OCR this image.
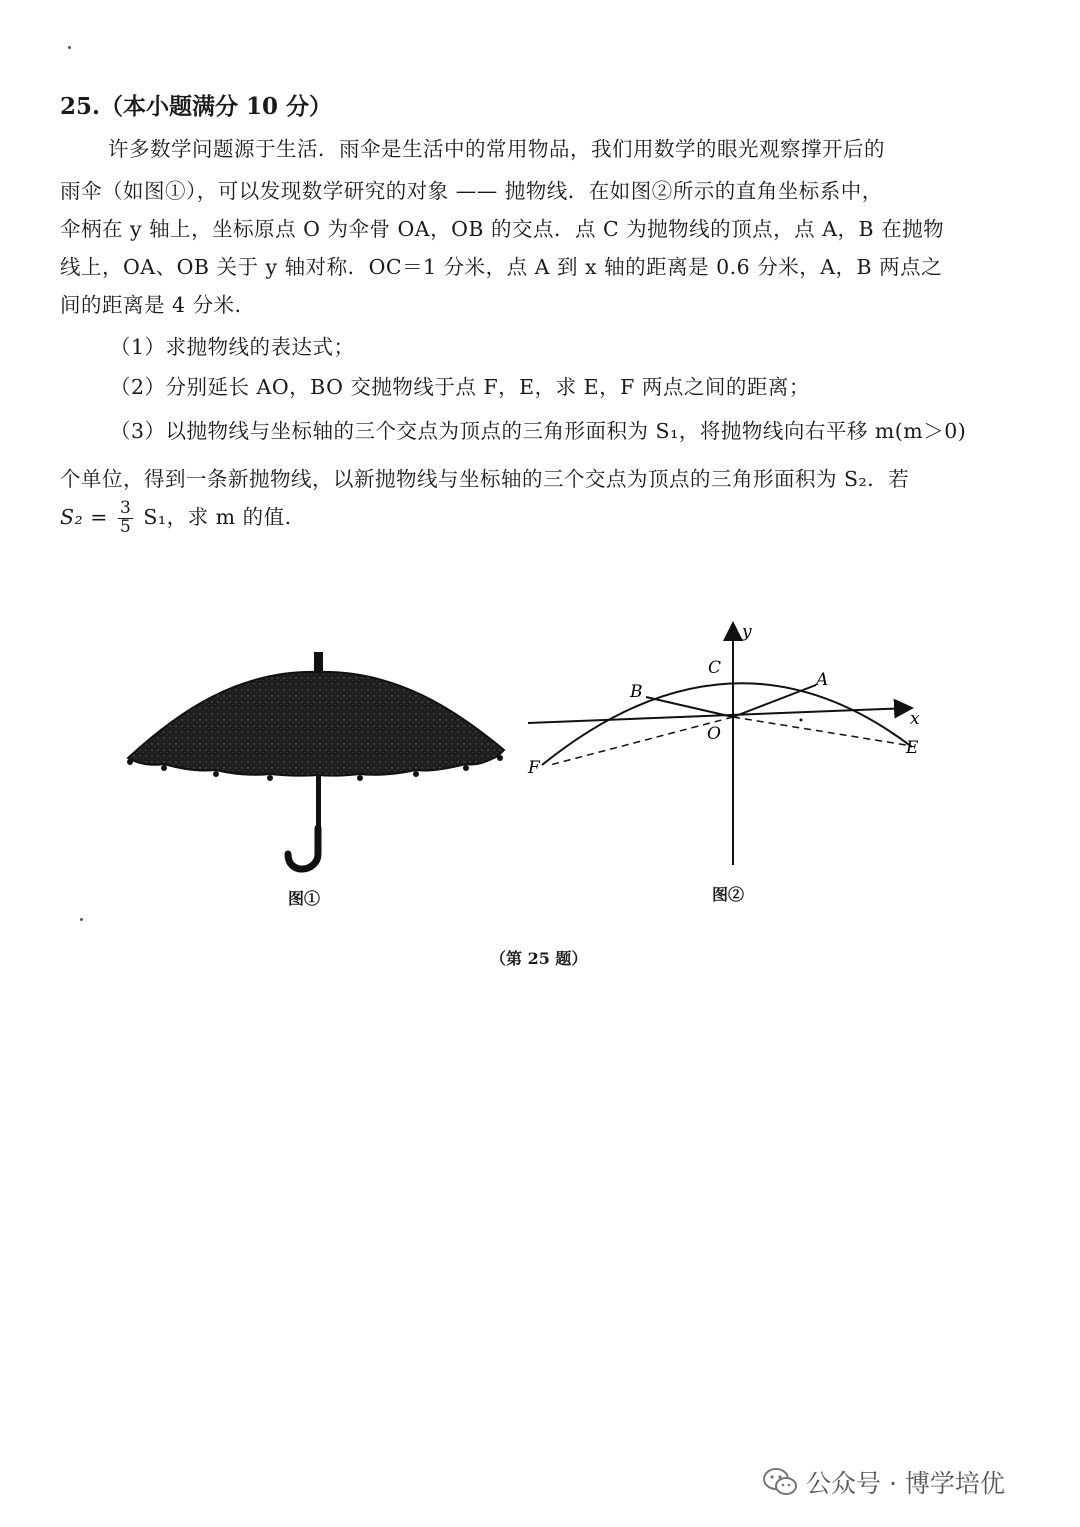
25.（本小题满分 10 分）
许多数学问题源于生活．雨伞是生活中的常用物品，我们用数学的眼光观察撑开后的
雨伞（如图①），可以发现数学研究的对象 —— 抛物线．在如图②所示的直角坐标系中，
伞柄在 y 轴上，坐标原点 O 为伞骨 OA，OB 的交点．点 C 为抛物线的顶点，点 A，B 在抛物
线上，OA、OB 关于 y 轴对称．OC＝1 分米，点 A 到 x 轴的距离是 0.6 分米，A，B 两点之
间的距离是 4 分米．
（1）求抛物线的表达式；
（2）分别延长 AO，BO 交抛物线于点 F，E，求 E，F 两点之间的距离；
（3）以抛物线与坐标轴的三个交点为顶点的三角形面积为 S₁，将抛物线向右平移 m(m＞0)
个单位，得到一条新抛物线，以新抛物线与坐标轴的三个交点为顶点的三角形面积为 S₂．若
$S_2 = \frac{3}{5} S_1$，求 m 的值.
y
x
C
A
B
O
F
E
图①	图②
（第 25 题）
公众号 · 博学培优
